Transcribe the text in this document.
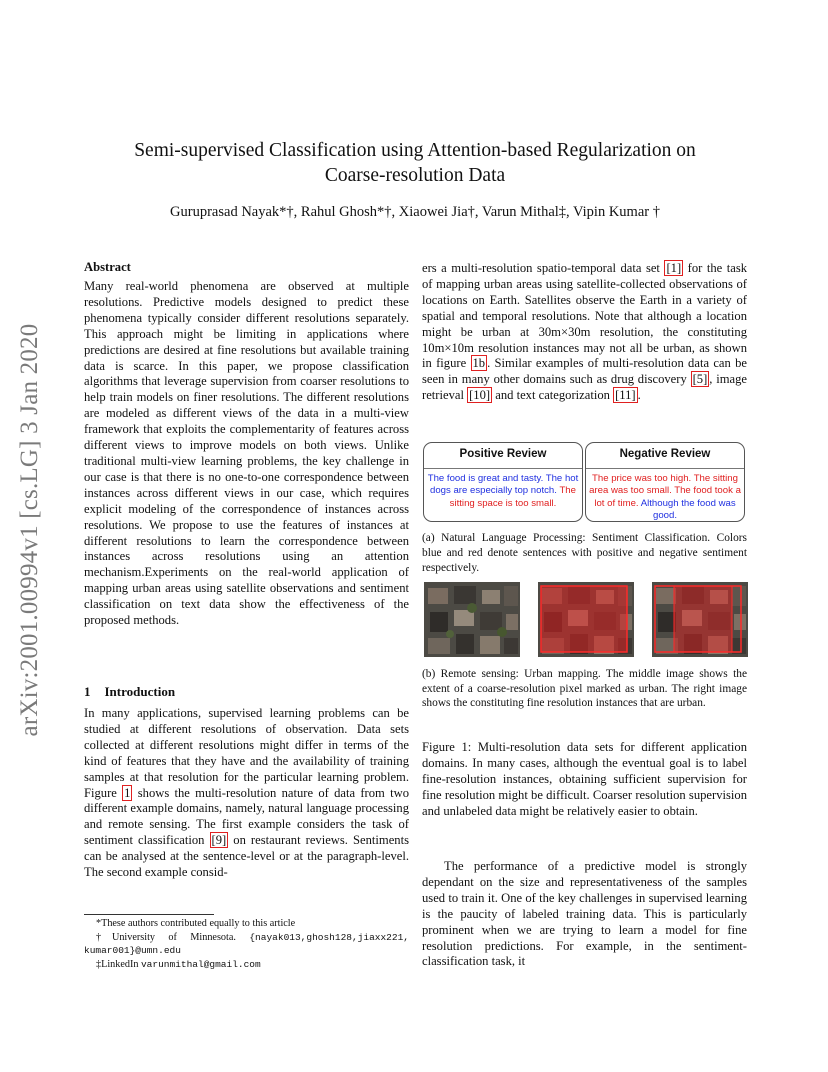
arXiv:2001.00994v1 [cs.LG] 3 Jan 2020
Semi-supervised Classification using Attention-based Regularization on
Coarse-resolution Data
Guruprasad Nayak*†, Rahul Ghosh*†, Xiaowei Jia†, Varun Mithal‡, Vipin Kumar †
Abstract
Many real-world phenomena are observed at multiple resolutions. Predictive models designed to predict these phenomena typically consider different resolutions separately. This approach might be limiting in applications where predictions are desired at fine resolutions but available training data is scarce. In this paper, we propose classification algorithms that leverage supervision from coarser resolutions to help train models on finer resolutions. The different resolutions are modeled as different views of the data in a multi-view framework that exploits the complementarity of features across different views to improve models on both views. Unlike traditional multi-view learning problems, the key challenge in our case is that there is no one-to-one correspondence between instances across different views in our case, which requires explicit modeling of the correspondence of instances across resolutions. We propose to use the features of instances at different resolutions to learn the correspondence between instances across resolutions using an attention mechanism.Experiments on the real-world application of mapping urban areas using satellite observations and sentiment classification on text data show the effectiveness of the proposed methods.
1 Introduction
In many applications, supervised learning problems can be studied at different resolutions of observation. Data sets collected at different resolutions might differ in terms of the kind of features that they have and the availability of training samples at that resolution for the particular learning problem. Figure 1 shows the multi-resolution nature of data from two different example domains, namely, natural language processing and remote sensing. The first example considers the task of sentiment classification [9] on restaurant reviews. Sentiments can be analysed at the sentence-level or at the paragraph-level. The second example consid-
*These authors contributed equally to this article
†University of Minnesota. {nayak013,ghosh128,jiaxx221, kumar001}@umn.edu
‡LinkedIn varunmithal@gmail.com
ers a multi-resolution spatio-temporal data set [1] for the task of mapping urban areas using satellite-collected observations of locations on Earth. Satellites observe the Earth in a variety of spatial and temporal resolutions. Note that although a location might be urban at 30m×30m resolution, the constituting 10m×10m resolution instances may not all be urban, as shown in figure 1b . Similar examples of multi-resolution data can be seen in many other domains such as drug discovery [5] , image retrieval [10] and text categorization [11] .
Positive Review
The food is great and tasty. The hot dogs are especially top notch. The sitting space is too small.
Negative Review
The price was too high. The sitting area was too small. The food took a lot of time. Although the food was good.
(a) Natural Language Processing: Sentiment Classification. Colors blue and red denote sentences with positive and negative sentiment respectively.
(b) Remote sensing: Urban mapping. The middle image shows the extent of a coarse-resolution pixel marked as urban. The right image shows the constituting fine resolution instances that are urban.
Figure 1: Multi-resolution data sets for different application domains. In many cases, although the eventual goal is to label fine-resolution instances, obtaining sufficient supervision for fine resolution might be difficult. Coarser resolution supervision and unlabeled data might be relatively easier to obtain.
The performance of a predictive model is strongly dependant on the size and representativeness of the samples used to train it. One of the key challenges in supervised learning is the paucity of labeled training data. This is particularly prominent when we are trying to learn a model for fine resolution predictions. For example, in the sentiment-classification task, it
